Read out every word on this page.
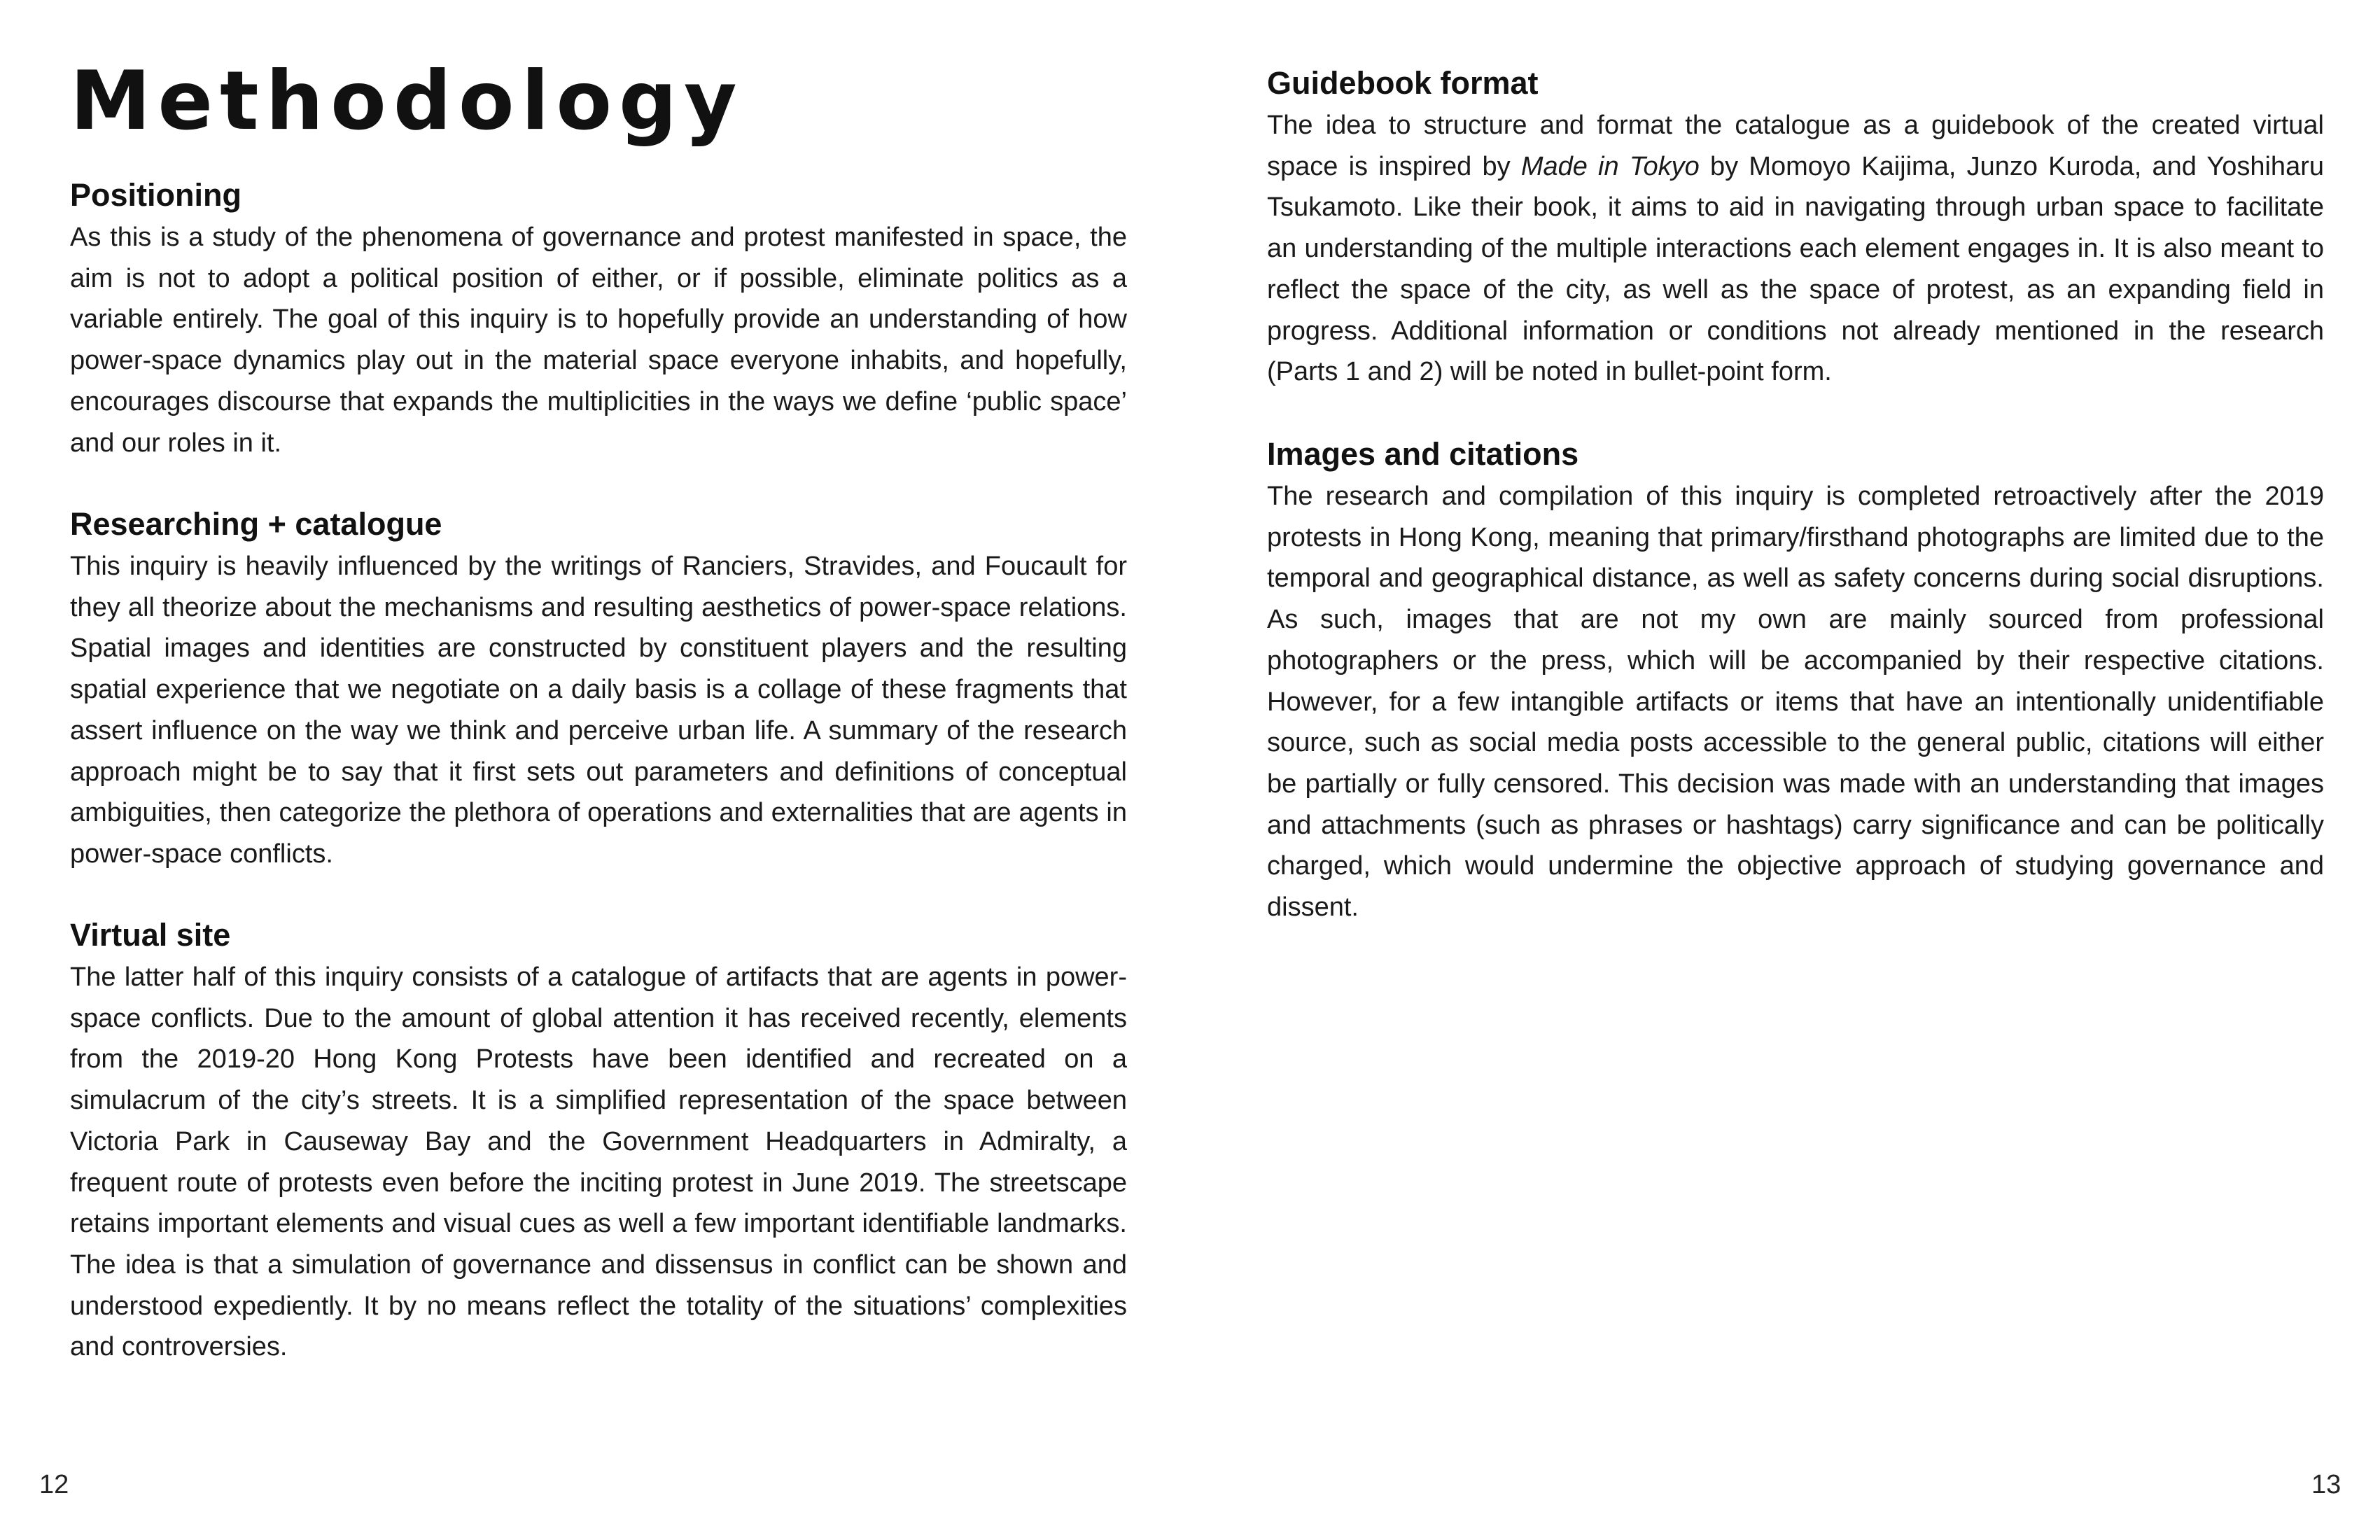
Methodology
Positioning

As this is a study of the phenomena of governance and protest manifested in space, the aim is not to adopt a political position of either, or if possible, eliminate politics as a variable entirely. The goal of this inquiry is to hopefully provide an understanding of how power-space dynamics play out in the material space everyone inhabits, and hopefully, encourages discourse that expands the multiplicities in the ways we define ‘public space’ and our roles in it.

Researching + catalogue

This inquiry is heavily influenced by the writings of Ranciers, Stravides, and Foucault for they all theorize about the mechanisms and resulting aesthetics of power-space relations. Spatial images and identities are constructed by constituent players and the resulting spatial experience that we negotiate on a daily basis is a collage of these fragments that assert influence on the way we think and perceive urban life. A summary of the research approach might be to say that it first sets out parameters and definitions of conceptual ambiguities, then categorize the plethora of operations and externalities that are agents in power-space conflicts.

Virtual site

The latter half of this inquiry consists of a catalogue of artifacts that are agents in power-space conflicts. Due to the amount of global attention it has received recently, elements from the 2019-20 Hong Kong Protests have been identified and recreated on a simulacrum of the city’s streets. It is a simplified representation of the space between Victoria Park in Causeway Bay and the Government Headquarters in Admiralty, a frequent route of protests even before the inciting protest in June 2019. The streetscape retains important elements and visual cues as well a few important identifiable landmarks. The idea is that a simulation of governance and dissensus in conflict can be shown and understood expediently. It by no means reflect the totality of the situations’ complexities and controversies.

12
Guidebook format

The idea to structure and format the catalogue as a guidebook of the created virtual space is inspired by Made in Tokyo by Momoyo Kaijima, Junzo Kuroda, and Yoshiharu Tsukamoto. Like their book, it aims to aid in navigating through urban space to facilitate an understanding of the multiple interactions each element engages in. It is also meant to reflect the space of the city, as well as the space of protest, as an expanding field in progress. Additional information or conditions not already mentioned in the research (Parts 1 and 2) will be noted in bullet-point form.

Images and citations

The research and compilation of this inquiry is completed retroactively after the 2019 protests in Hong Kong, meaning that primary/firsthand photographs are limited due to the temporal and geographical distance, as well as safety concerns during social disruptions. As such, images that are not my own are mainly sourced from professional photographers or the press, which will be accompanied by their respective citations. However, for a few intangible artifacts or items that have an intentionally unidentifiable source, such as social media posts accessible to the general public, citations will either be partially or fully censored. This decision was made with an understanding that images and attachments (such as phrases or hashtags) carry significance and can be politically charged, which would undermine the objective approach of studying governance and dissent.

13
